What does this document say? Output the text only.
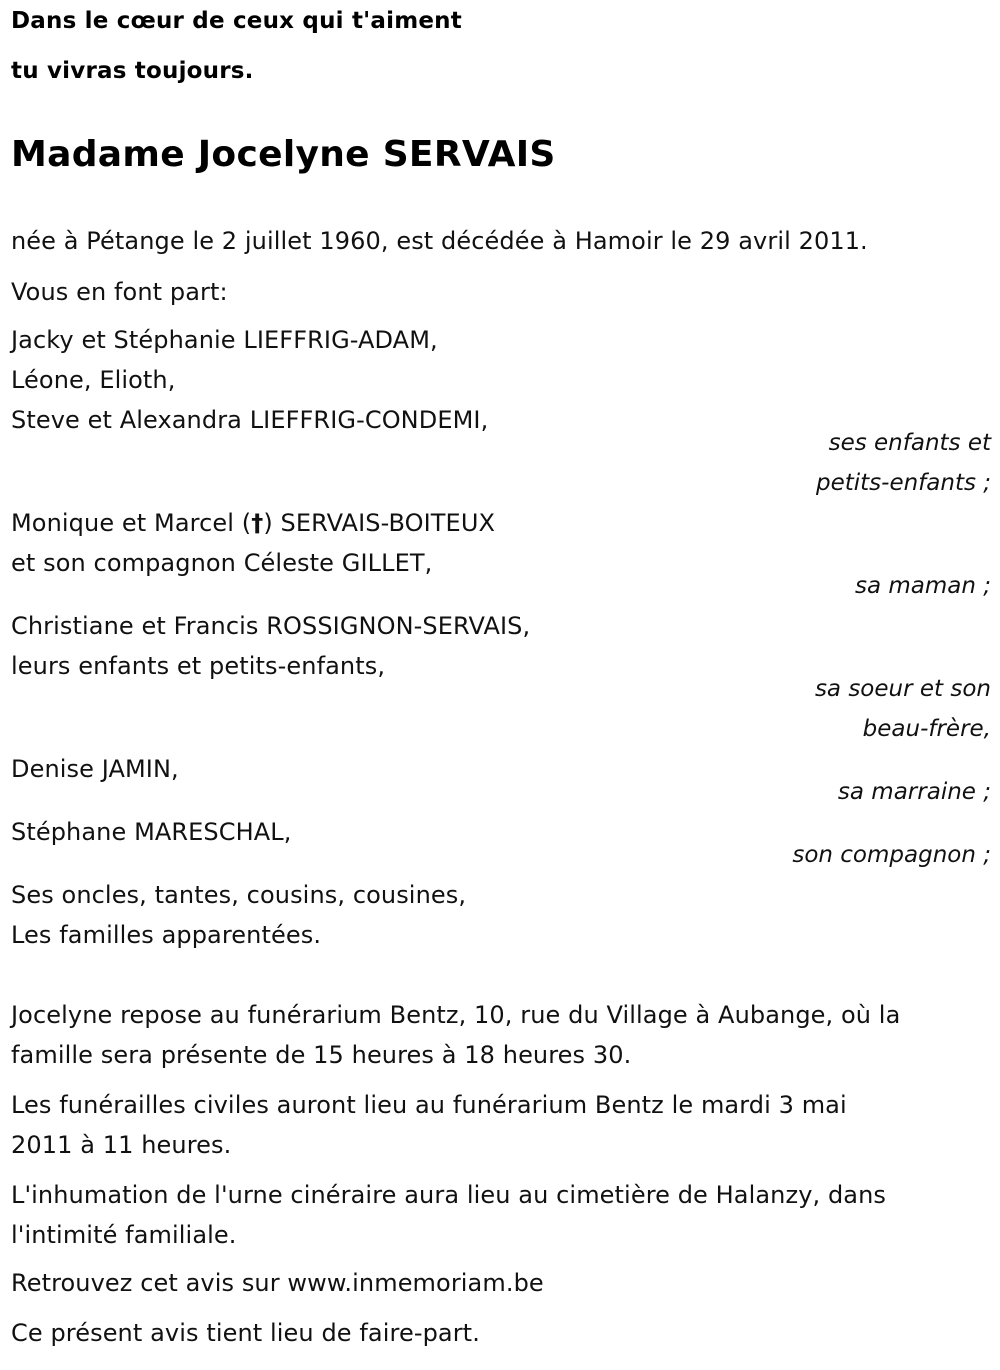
Dans le cœur de ceux qui t'aiment
tu vivras toujours.
Madame Jocelyne SERVAIS
née à Pétange le 2 juillet 1960, est décédée à Hamoir le 29 avril 2011.
Vous en font part:
Jacky et Stéphanie LIEFFRIG-ADAM,
Léone, Elioth,
Steve et Alexandra LIEFFRIG-CONDEMI,
ses enfants et
petits-enfants ;
Monique et Marcel (†) SERVAIS-BOITEUX
et son compagnon Céleste GILLET,
sa maman ;
Christiane et Francis ROSSIGNON-SERVAIS,
leurs enfants et petits-enfants,
sa soeur et son
beau-frère,
Denise JAMIN,
sa marraine ;
Stéphane MARESCHAL,
son compagnon ;
Ses oncles, tantes, cousins, cousines,
Les familles apparentées.
Jocelyne repose au funérarium Bentz, 10, rue du Village à Aubange, où la
famille sera présente de 15 heures à 18 heures 30.
Les funérailles civiles auront lieu au funérarium Bentz le mardi 3 mai
2011 à 11 heures.
L'inhumation de l'urne cinéraire aura lieu au cimetière de Halanzy, dans
l'intimité familiale.
Retrouvez cet avis sur www.inmemoriam.be
Ce présent avis tient lieu de faire-part.
